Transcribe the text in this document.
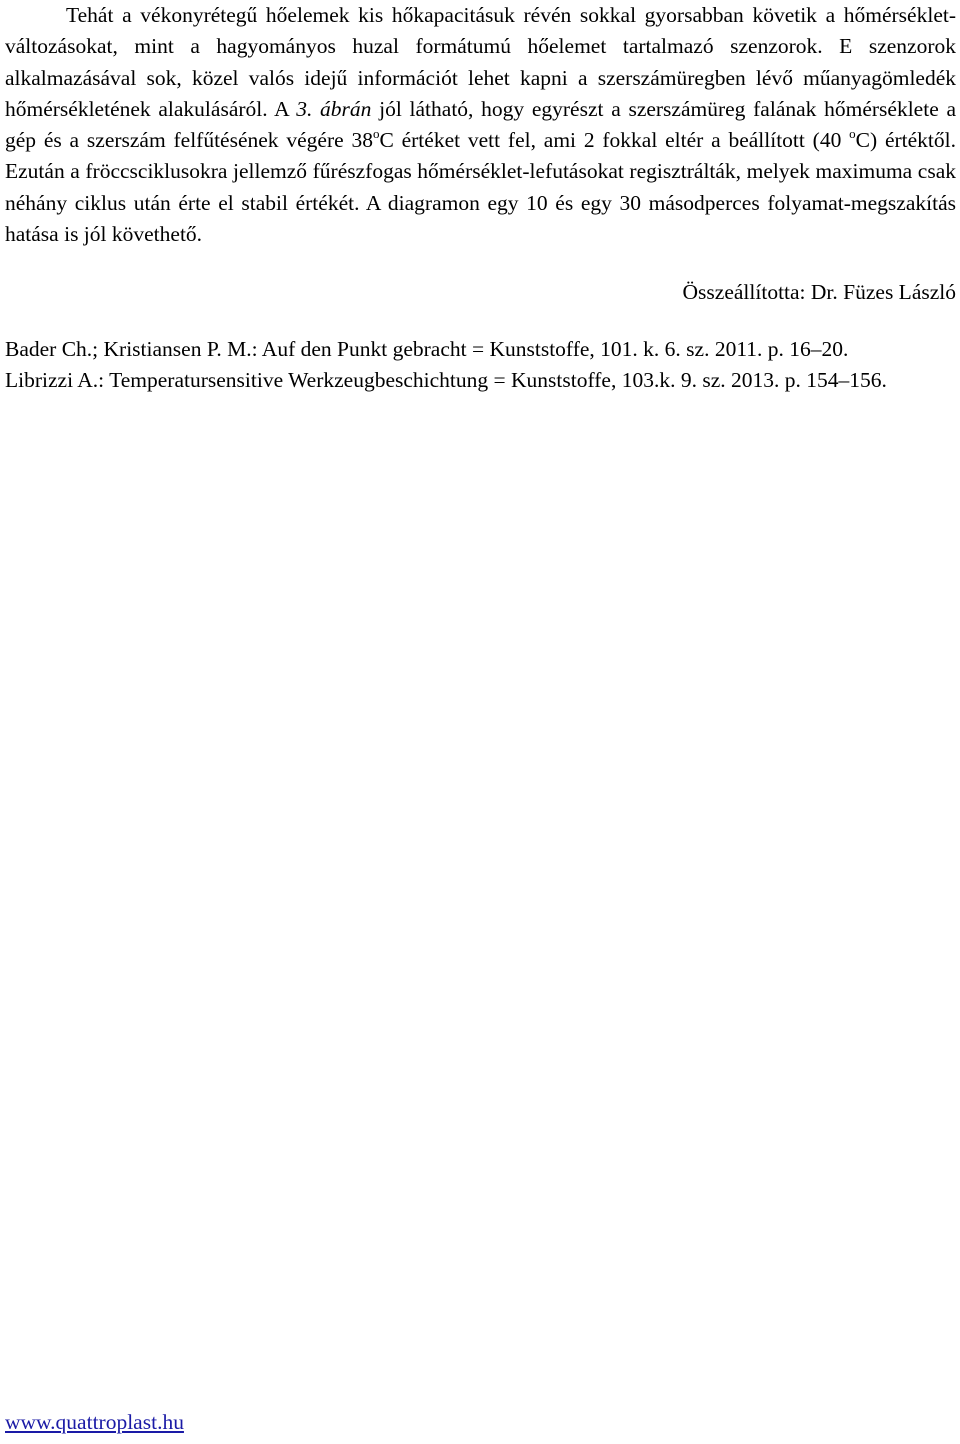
Tehát a vékonyrétegű hőelemek kis hőkapacitásuk révén sokkal gyorsabban követik a hőmérséklet-változásokat, mint a hagyományos huzal formátumú hőelemet tartalmazó szenzorok. E szenzorok alkalmazásával sok, közel valós idejű információt lehet kapni a szerszámüregben lévő műanyagömledék hőmérsékletének alakulásáról. A 3. ábrán jól látható, hogy egyrészt a szerszámüreg falának hőmérséklete a gép és a szerszám felfűtésének végére 38$^o$C értéket vett fel, ami 2 fokkal eltér a beállított (40 $^o$C) értéktől. Ezután a fröccsciklusokra jellemző fűrészfogas hőmérséklet-lefutásokat regisztrálták, melyek maximuma csak néhány ciklus után érte el stabil értékét. A diagramon egy 10 és egy 30 másodperces folyamat-megszakítás hatása is jól követhető.

Összeállította: Dr. Füzes László

Bader Ch.; Kristiansen P. M.: Auf den Punkt gebracht = Kunststoffe, 101. k. 6. sz. 2011. p. 16–20.

Librizzi A.: Temperatursensitive Werkzeugbeschichtung = Kunststoffe, 103.k. 9. sz. 2013. p. 154–156.

www.quattroplast.hu
